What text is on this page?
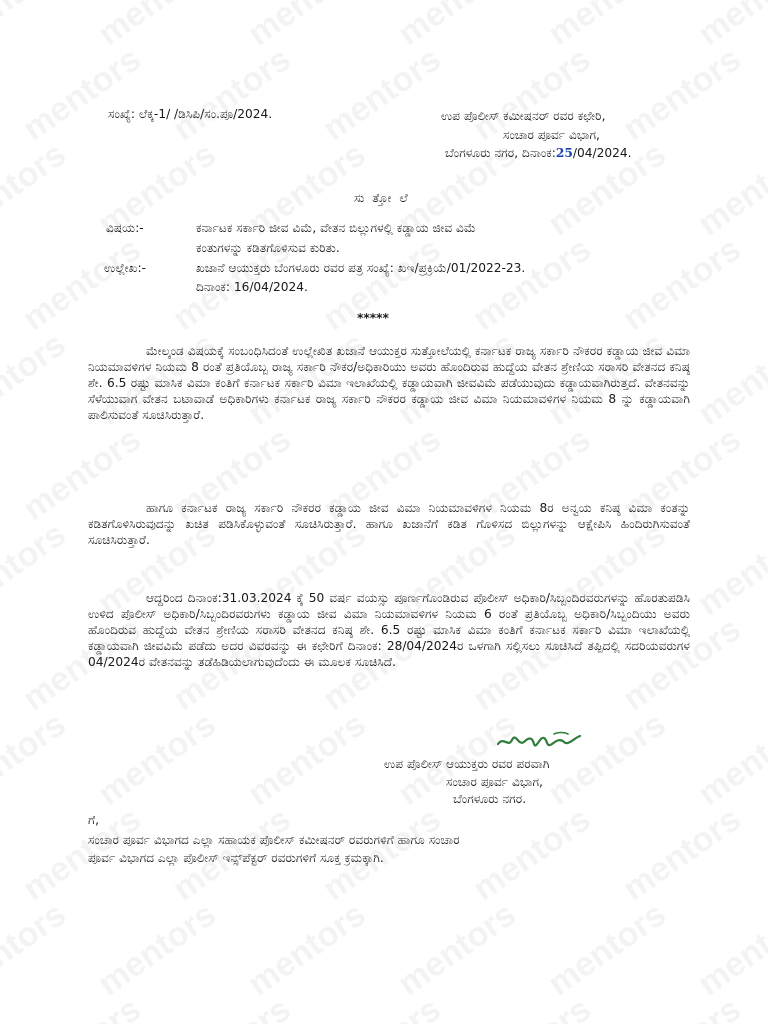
ಸಂಖ್ಯೆ: ಲೆಕ್ಕ-1/ /ಡಿಸಿಪಿ/ಸಂ.ಪೂ/2024.	ಉಪ ಪೊಲೀಸ್ ಕಮೀಷನರ್ ರವರ ಕಛೇರಿ,
ಸಂಚಾರ ಪೂರ್ವ ವಿಭಾಗ,
ಬೆಂಗಳೂರು ನಗರ, ದಿನಾಂಕ:25/04/2024.
ಸು ತ್ತೋ ಲೆ
ವಿಷಯ:-	ಕರ್ನಾಟಕ ಸರ್ಕಾರಿ ಜೀವ ವಿಮೆ, ವೇತನ ಬಿಲ್ಲುಗಳಲ್ಲಿ ಕಡ್ಡಾಯ ಜೀವ ವಿಮೆ
ಕಂತುಗಳನ್ನು ಕಡಿತಗೊಳಿಸುವ ಕುರಿತು.
ಉಲ್ಲೇಖ:-	ಖಜಾನೆ ಆಯುಕ್ತರು ಬೆಂಗಳೂರು ರವರ ಪತ್ರ ಸಂಖ್ಯೆ: ಖಇ/ಪ್ರಕ್ರಿಯೆ/01/2022-23.
ದಿನಾಂಕ: 16/04/2024.
*****

ಮೇಲ್ಕಂಡ ವಿಷಯಕ್ಕೆ ಸಂಬಂಧಿಸಿದಂತೆ ಉಲ್ಲೇಖಿತ ಖಜಾನೆ ಆಯುಕ್ತರ ಸುತ್ತೋಲೆಯಲ್ಲಿ ಕರ್ನಾಟಕ ರಾಜ್ಯ ಸರ್ಕಾರಿ ನೌಕರರ ಕಡ್ಡಾಯ ಜೀವ ವಿಮಾ ನಿಯಮಾವಳಿಗಳ ನಿಯಮ 8 ರಂತೆ ಪ್ರತಿಯೊಬ್ಬ ರಾಜ್ಯ ಸರ್ಕಾರಿ ನೌಕರ/ಅಧಿಕಾರಿಯು ಅವರು ಹೊಂದಿರುವ ಹುದ್ದೆಯ ವೇತನ ಶ್ರೇಣಿಯ ಸರಾಸರಿ ವೇತನದ ಕನಿಷ್ಠ ಶೇ. 6.5 ರಷ್ಟು ಮಾಸಿಕ ವಿಮಾ ಕಂತಿಗೆ ಕರ್ನಾಟಕ ಸರ್ಕಾರಿ ವಿಮಾ ಇಲಾಖೆಯಲ್ಲಿ ಕಡ್ಡಾಯವಾಗಿ ಜೀವವಿಮೆ ಪಡೆಯುವುದು ಕಡ್ಡಾಯವಾಗಿರುತ್ತದೆ. ವೇತನವನ್ನು ಸೆಳೆಯುವಾಗ ವೇತನ ಬಟಾವಾಡೆ ಅಧಿಕಾರಿಗಳು ಕರ್ನಾಟಕ ರಾಜ್ಯ ಸರ್ಕಾರಿ ನೌಕರರ ಕಡ್ಡಾಯ ಜೀವ ವಿಮಾ ನಿಯಮಾವಳಿಗಳ ನಿಯಮ 8 ನ್ನು ಕಡ್ಡಾಯವಾಗಿ ಪಾಲಿಸುವಂತೆ ಸೂಚಿಸಿರುತ್ತಾರೆ.

ಹಾಗೂ ಕರ್ನಾಟಕ ರಾಜ್ಯ ಸರ್ಕಾರಿ ನೌಕರರ ಕಡ್ಡಾಯ ಜೀವ ವಿಮಾ ನಿಯಮಾವಳಿಗಳ ನಿಯಮ 8ರ ಅನ್ವಯ ಕನಿಷ್ಠ ವಿಮಾ ಕಂತನ್ನು ಕಡಿತಗೊಳಿಸಿರುವುದನ್ನು ಖಚಿತ ಪಡಿಸಿಕೊಳ್ಳುವಂತೆ ಸೂಚಿಸಿರುತ್ತಾರೆ. ಹಾಗೂ ಖಜಾನೆಗೆ ಕಡಿತ ಗೊಳಿಸದ ಬಿಲ್ಲುಗಳನ್ನು ಆಕ್ಷೇಪಿಸಿ ಹಿಂದಿರುಗಿಸುವಂತೆ ಸೂಚಿಸಿರುತ್ತಾರೆ.

ಆದ್ದರಿಂದ ದಿನಾಂಕ:31.03.2024 ಕ್ಕೆ 50 ವರ್ಷ ವಯಸ್ಸು ಪೂರ್ಣಗೊಂಡಿರುವ ಪೊಲೀಸ್ ಅಧಿಕಾರಿ/ಸಿಬ್ಬಂದಿರವರುಗಳನ್ನು ಹೊರತುಪಡಿಸಿ ಉಳಿದ ಪೊಲೀಸ್ ಅಧಿಕಾರಿ/ಸಿಬ್ಬಂದಿರವರುಗಳು ಕಡ್ಡಾಯ ಜೀವ ವಿಮಾ ನಿಯಮಾವಳಿಗಳ ನಿಯಮ 6 ರಂತೆ ಪ್ರತಿಯೊಬ್ಬ ಅಧಿಕಾರಿ/ಸಿಬ್ಬಂದಿಯು ಅವರು ಹೊಂದಿರುವ ಹುದ್ದೆಯ ವೇತನ ಶ್ರೇಣಿಯ ಸರಾಸರಿ ವೇತನದ ಕನಿಷ್ಠ ಶೇ. 6.5 ರಷ್ಟು ಮಾಸಿಕ ವಿಮಾ ಕಂತಿಗೆ ಕರ್ನಾಟಕ ಸರ್ಕಾರಿ ವಿಮಾ ಇಲಾಖೆಯಲ್ಲಿ ಕಡ್ಡಾಯವಾಗಿ ಜೀವವಿಮೆ ಪಡೆದು ಅದರ ವಿವರವನ್ನು ಈ ಕಛೇರಿಗೆ ದಿನಾಂಕ: 28/04/2024ರ ಒಳಗಾಗಿ ಸಲ್ಲಿಸಲು ಸೂಚಿಸಿದೆ ತಪ್ಪಿದಲ್ಲಿ ಸದರಿಯವರುಗಳ 04/2024ರ ವೇತನವನ್ನು ತಡೆಹಿಡಿಯಲಾಗುವುದೆಂದು ಈ ಮೂಲಕ ಸೂಚಿಸಿದೆ.

ಉಪ ಪೊಲೀಸ್ ಆಯುಕ್ತರು ರವರ ಪರವಾಗಿ
ಸಂಚಾರ ಪೂರ್ವ ವಿಭಾಗ,
ಬೆಂಗಳೂರು ನಗರ.
ಗೆ,
ಸಂಚಾರ ಪೂರ್ವ ವಿಭಾಗದ ಎಲ್ಲಾ ಸಹಾಯಕ ಪೊಲೀಸ್ ಕಮೀಷನರ್ ರವರುಗಳಿಗೆ ಹಾಗೂ ಸಂಚಾರ
ಪೂರ್ವ ವಿಭಾಗದ ಎಲ್ಲಾ ಪೊಲೀಸ್ ಇನ್ಸ್‌ಪೆಕ್ಟರ್ ರವರುಗಳಿಗೆ ಸೂಕ್ತ ಕ್ರಮಕ್ಕಾಗಿ.
